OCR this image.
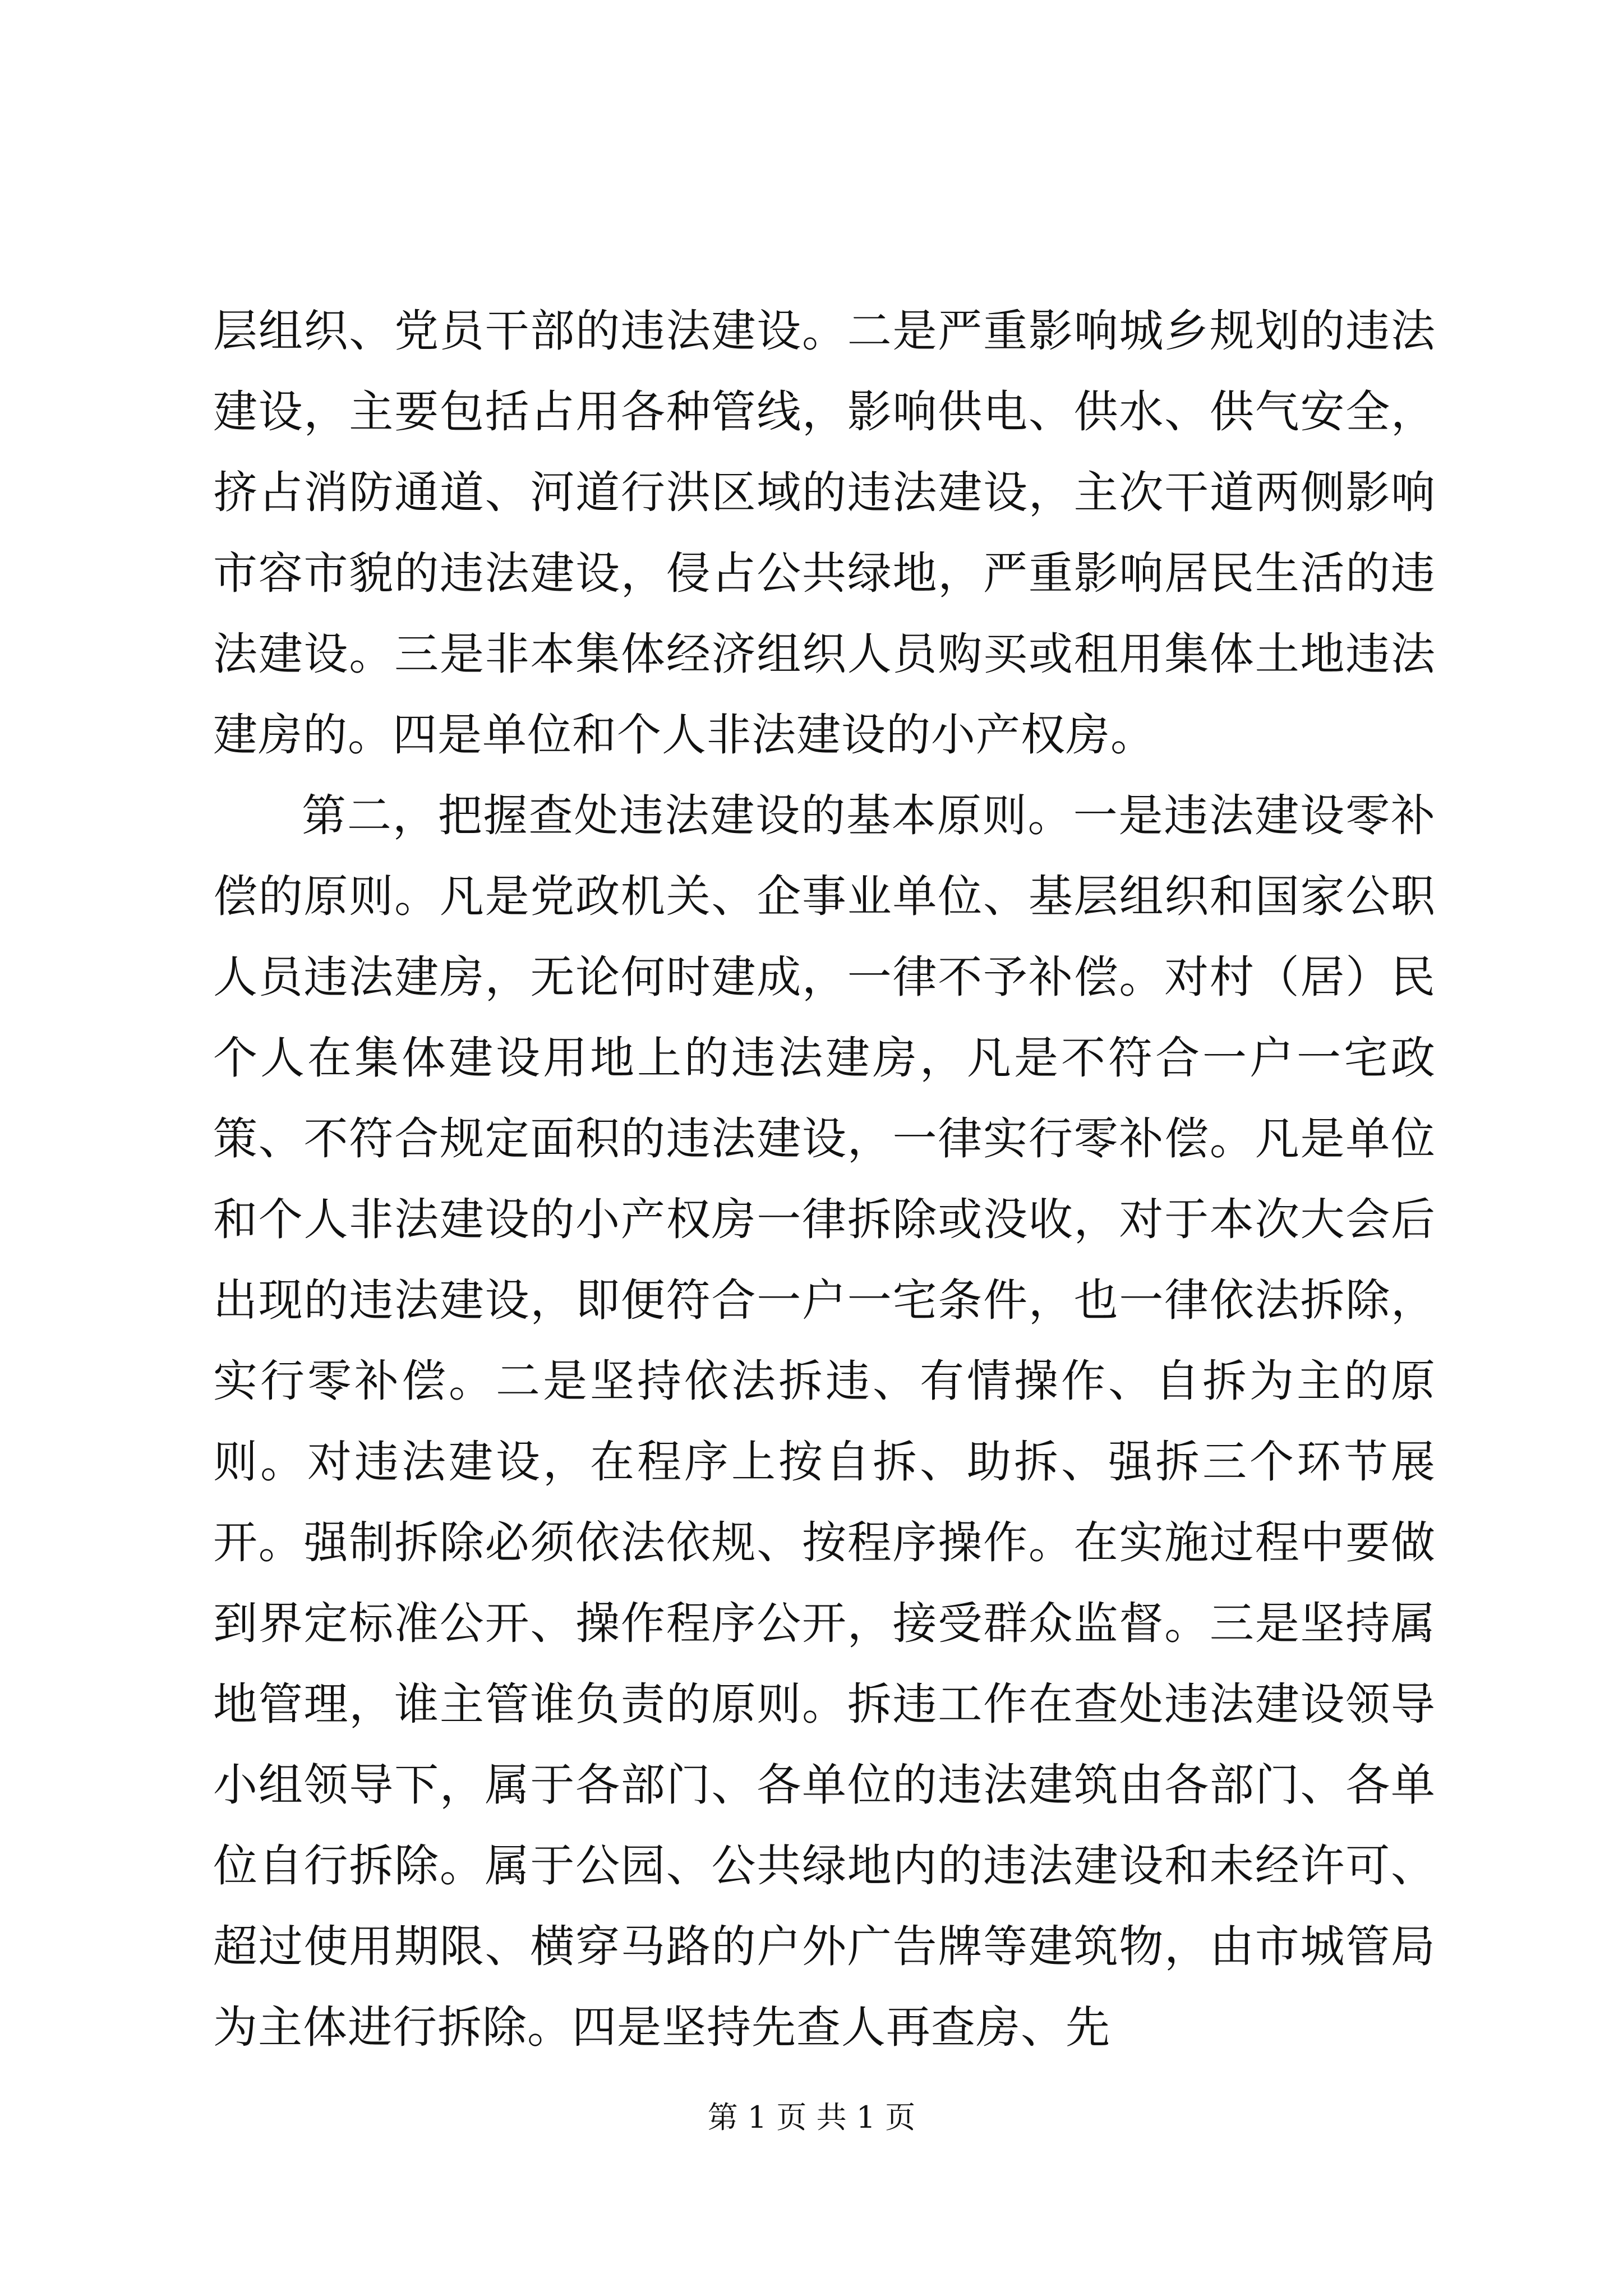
层组织、党员干部的违法建设。二是严重影响城乡规划的违法建设，主要包括占用各种管线，影响供电、供水、供气安全，挤占消防通道、河道行洪区域的违法建设，主次干道两侧影响市容市貌的违法建设，侵占公共绿地，严重影响居民生活的违法建设。三是非本集体经济组织人员购买或租用集体土地违法建房的。四是单位和个人非法建设的小产权房。

第二，把握查处违法建设的基本原则。一是违法建设零补偿的原则。凡是党政机关、企事业单位、基层组织和国家公职人员违法建房，无论何时建成，一律不予补偿。对村（居）民个人在集体建设用地上的违法建房，凡是不符合一户一宅政策、不符合规定面积的违法建设，一律实行零补偿。凡是单位和个人非法建设的小产权房一律拆除或没收，对于本次大会后出现的违法建设，即便符合一户一宅条件，也一律依法拆除，实行零补偿。二是坚持依法拆违、有情操作、自拆为主的原则。对违法建设，在程序上按自拆、助拆、强拆三个环节展开。强制拆除必须依法依规、按程序操作。在实施过程中要做到界定标准公开、操作程序公开，接受群众监督。三是坚持属地管理，谁主管谁负责的原则。拆违工作在查处违法建设领导小组领导下，属于各部门、各单位的违法建筑由各部门、各单位自行拆除。属于公园、公共绿地内的违法建设和未经许可、超过使用期限、横穿马路的户外广告牌等建筑物，由市城管局为主体进行拆除。四是坚持先查人再查房、先

第 1 页 共 1 页
